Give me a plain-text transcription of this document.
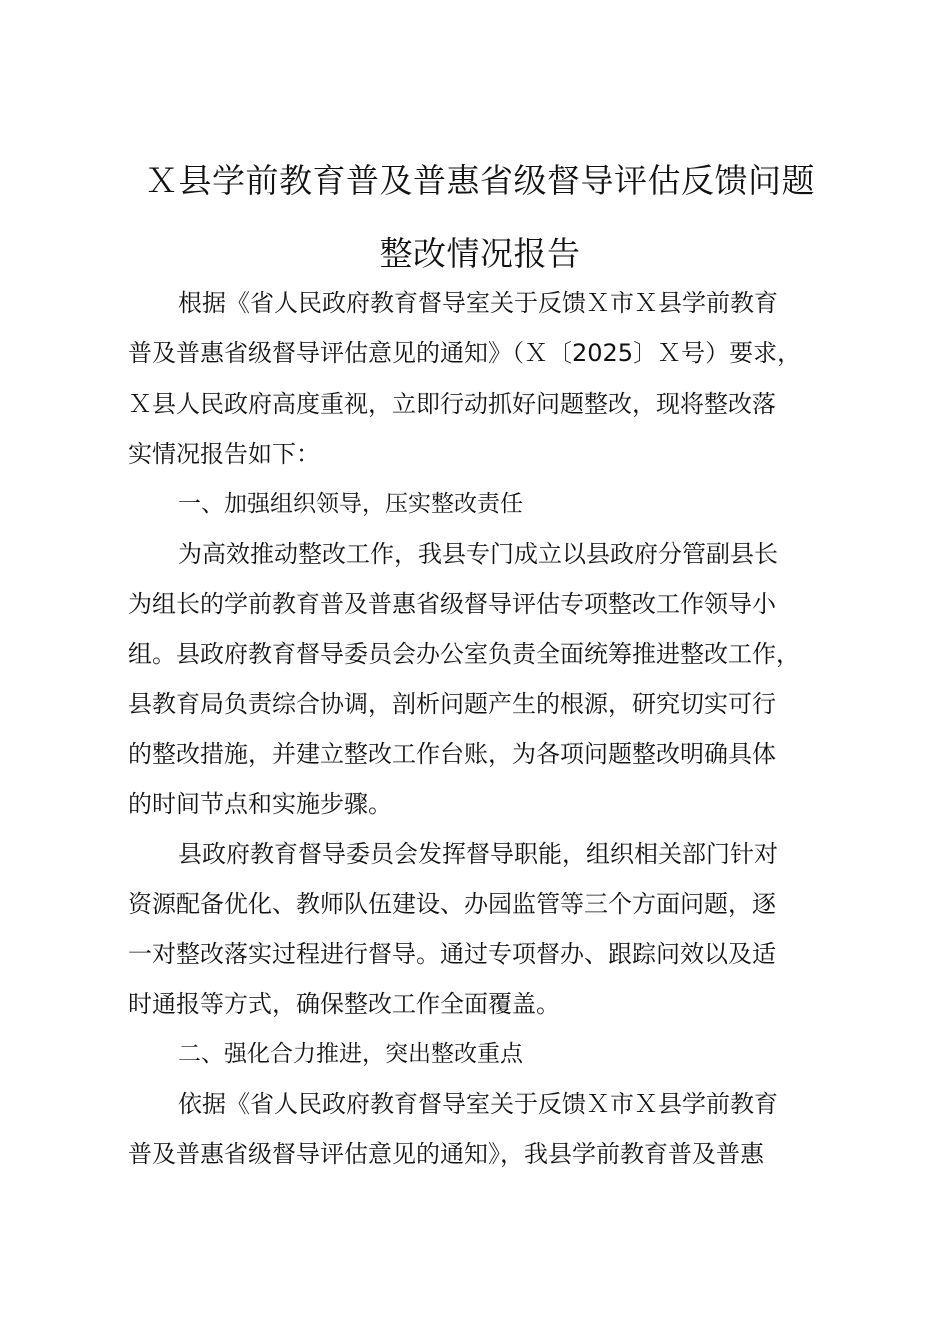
Ｘ县学前教育普及普惠省级督导评估反馈问题
整改情况报告
根据《省人民政府教育督导室关于反馈Ｘ市Ｘ县学前教育
普及普惠省级督导评估意见的通知》（Ｘ〔2025〕Ｘ号）要求，
Ｘ县人民政府高度重视，立即行动抓好问题整改，现将整改落
实情况报告如下：
一、加强组织领导，压实整改责任
为高效推动整改工作，我县专门成立以县政府分管副县长
为组长的学前教育普及普惠省级督导评估专项整改工作领导小
组。县政府教育督导委员会办公室负责全面统筹推进整改工作，
县教育局负责综合协调，剖析问题产生的根源，研究切实可行
的整改措施，并建立整改工作台账，为各项问题整改明确具体
的时间节点和实施步骤。
县政府教育督导委员会发挥督导职能，组织相关部门针对
资源配备优化、教师队伍建设、办园监管等三个方面问题，逐
一对整改落实过程进行督导。通过专项督办、跟踪问效以及适
时通报等方式，确保整改工作全面覆盖。
二、强化合力推进，突出整改重点
依据《省人民政府教育督导室关于反馈Ｘ市Ｘ县学前教育
普及普惠省级督导评估意见的通知》，我县学前教育普及普惠
